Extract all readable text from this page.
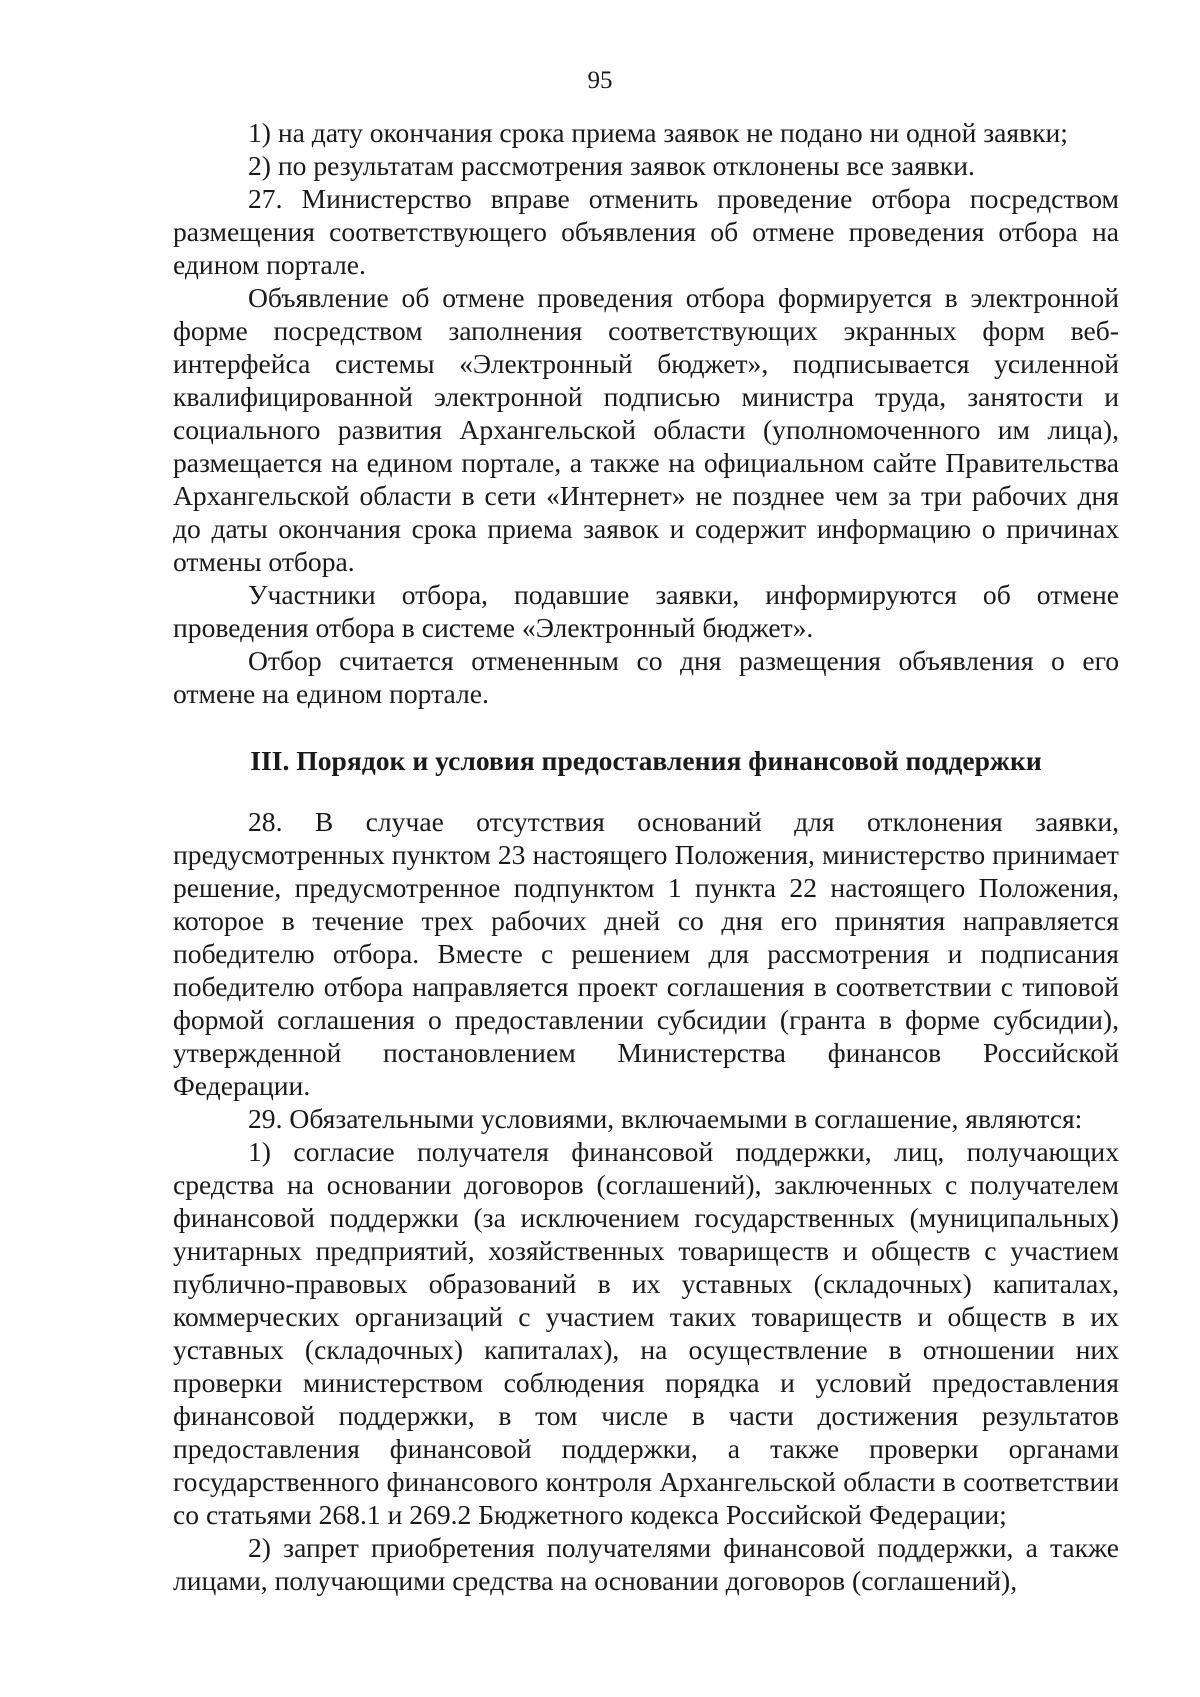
95

1) на дату окончания срока приема заявок не подано ни одной заявки;

2) по результатам рассмотрения заявок отклонены все заявки.

27. Министерство вправе отменить проведение отбора посредством размещения соответствующего объявления об отмене проведения отбора на едином портале.

Объявление об отмене проведения отбора формируется в электронной форме посредством заполнения соответствующих экранных форм веб-интерфейса системы «Электронный бюджет», подписывается усиленной квалифицированной электронной подписью министра труда, занятости и социального развития Архангельской области (уполномоченного им лица), размещается на едином портале, а также на официальном сайте Правительства Архангельской области в сети «Интернет» не позднее чем за три рабочих дня до даты окончания срока приема заявок и содержит информацию о причинах отмены отбора.

Участники отбора, подавшие заявки, информируются об отмене проведения отбора в системе «Электронный бюджет».

Отбор считается отмененным со дня размещения объявления о его отмене на едином портале.

III. Порядок и условия предоставления финансовой поддержки

28. В случае отсутствия оснований для отклонения заявки, предусмотренных пунктом 23 настоящего Положения, министерство принимает решение, предусмотренное подпунктом 1 пункта 22 настоящего Положения, которое в течение трех рабочих дней со дня его принятия направляется победителю отбора. Вместе с решением для рассмотрения и подписания победителю отбора направляется проект соглашения в соответствии с типовой формой соглашения о предоставлении субсидии (гранта в форме субсидии), утвержденной постановлением Министерства финансов Российской Федерации.

29. Обязательными условиями, включаемыми в соглашение, являются:

1) согласие получателя финансовой поддержки, лиц, получающих средства на основании договоров (соглашений), заключенных с получателем финансовой поддержки (за исключением государственных (муниципальных) унитарных предприятий, хозяйственных товариществ и обществ с участием публично-правовых образований в их уставных (складочных) капиталах, коммерческих организаций с участием таких товариществ и обществ в их уставных (складочных) капиталах), на осуществление в отношении них проверки министерством соблюдения порядка и условий предоставления финансовой поддержки, в том числе в части достижения результатов предоставления финансовой поддержки, а также проверки органами государственного финансового контроля Архангельской области в соответствии со статьями 268.1 и 269.2 Бюджетного кодекса Российской Федерации;

2) запрет приобретения получателями финансовой поддержки, а также лицами, получающими средства на основании договоров (соглашений),
